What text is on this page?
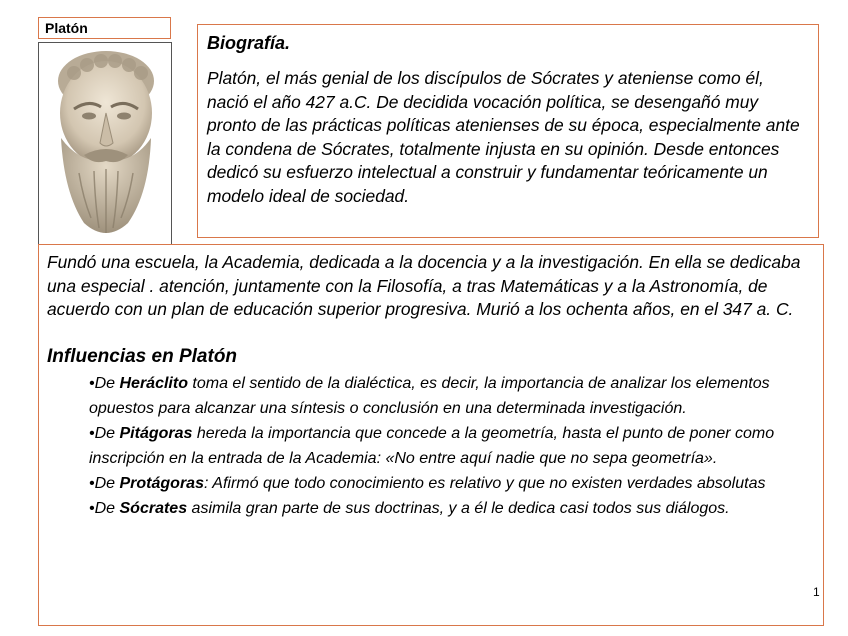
Platón
Biografía.
Platón, el más genial de los discípulos de Sócrates y ateniense como él, nació el año 427 a.C. De decidida vocación política, se desengañó muy pronto de las prácticas políticas atenienses de su época, especialmente ante la condena de Sócrates, totalmente injusta en su opinión. Desde entonces dedicó su esfuerzo intelectual a construir y fundamentar teóricamente un modelo ideal de sociedad.
Fundó una escuela, la Academia, dedicada a la docencia y a la investigación. En ella se dedicaba una especial . atención, juntamente con la Filosofía, a tras Matemáticas y a la Astronomía, de acuerdo con un plan de educación superior progresiva. Murió a los ochenta años, en el 347 a. C.
Influencias en Platón
•De Heráclito toma el sentido de la dialéctica, es decir, la importancia de analizar los elementos opuestos para alcanzar una síntesis o conclusión en una determinada investigación.
•De Pitágoras hereda la importancia que concede a la geometría, hasta el punto de poner como inscripción en la entrada de la Academia: «No entre aquí nadie que no sepa geometría».
•De Protágoras: Afirmó que todo conocimiento es relativo y que no existen verdades absolutas
•De Sócrates asimila gran parte de sus doctrinas, y a él le dedica casi todos sus diálogos.
1
